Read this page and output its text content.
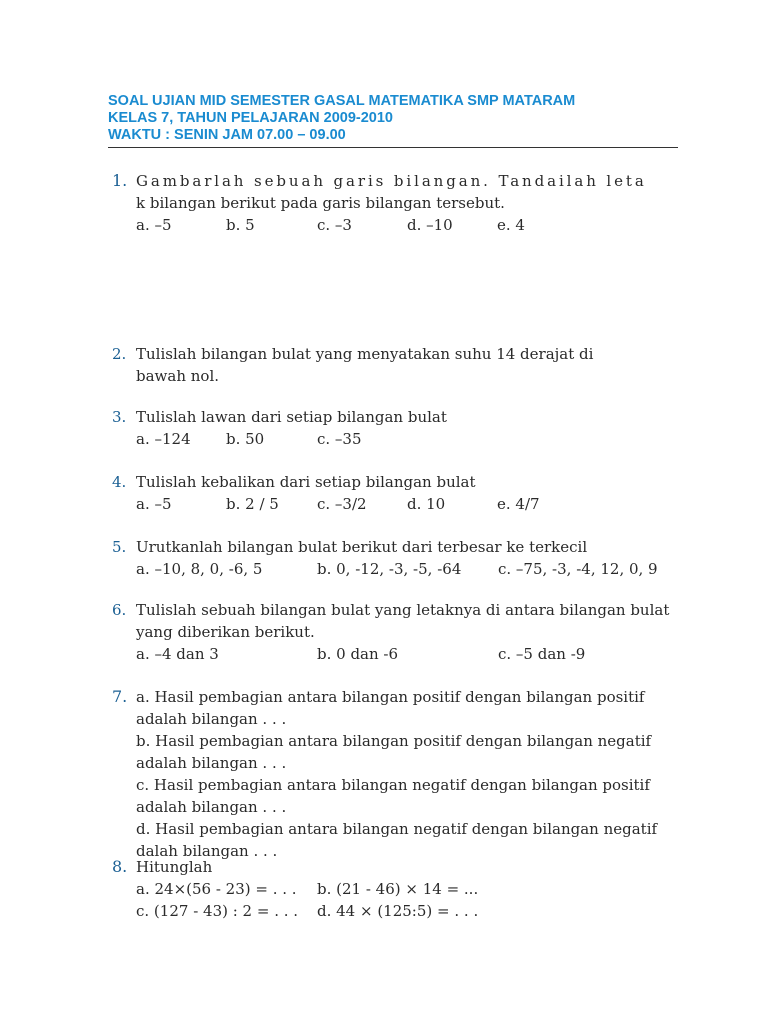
SOAL UJIAN MID SEMESTER GASAL MATEMATIKA SMP MATARAM
KELAS 7, TAHUN PELAJARAN 2009-2010
WAKTU : SENIN JAM 07.00 – 09.00
1. Gambarlah sebuah garis bilangan. Tandailah leta
k bilangan berikut pada garis bilangan tersebut.
a. –5	b. 5	c. –3	d. –10	e. 4
2. Tulislah bilangan bulat yang menyatakan suhu 14 derajat di
bawah nol.
3. Tulislah lawan dari setiap bilangan bulat
a. –124	b. 50	c. –35
4. Tulislah kebalikan dari setiap bilangan bulat
a. –5	b. 2 / 5	c. –3/2	d. 10	e. 4/7
5. Urutkanlah bilangan bulat berikut dari terbesar ke terkecil
a. –10, 8, 0, -6, 5	b. 0, -12, -3, -5, -64	c. –75, -3, -4, 12, 0, 9
6. Tulislah sebuah bilangan bulat yang letaknya di antara bilangan bulat
yang diberikan berikut.
a. –4 dan 3	b. 0 dan -6	c. –5 dan -9
7. a. Hasil pembagian antara bilangan positif dengan bilangan positif
adalah bilangan . . .
b. Hasil pembagian antara bilangan positif dengan bilangan negatif
adalah bilangan . . .
c. Hasil pembagian antara bilangan negatif dengan bilangan positif
adalah bilangan . . .
d. Hasil pembagian antara bilangan negatif dengan bilangan negatif
dalah bilangan . . .
8. Hitunglah
a. 24×(56 - 23) = . . .	b. (21 - 46) × 14 = ...
c. (127 - 43) : 2 = . . .	d. 44 × (125:5) = . . .
